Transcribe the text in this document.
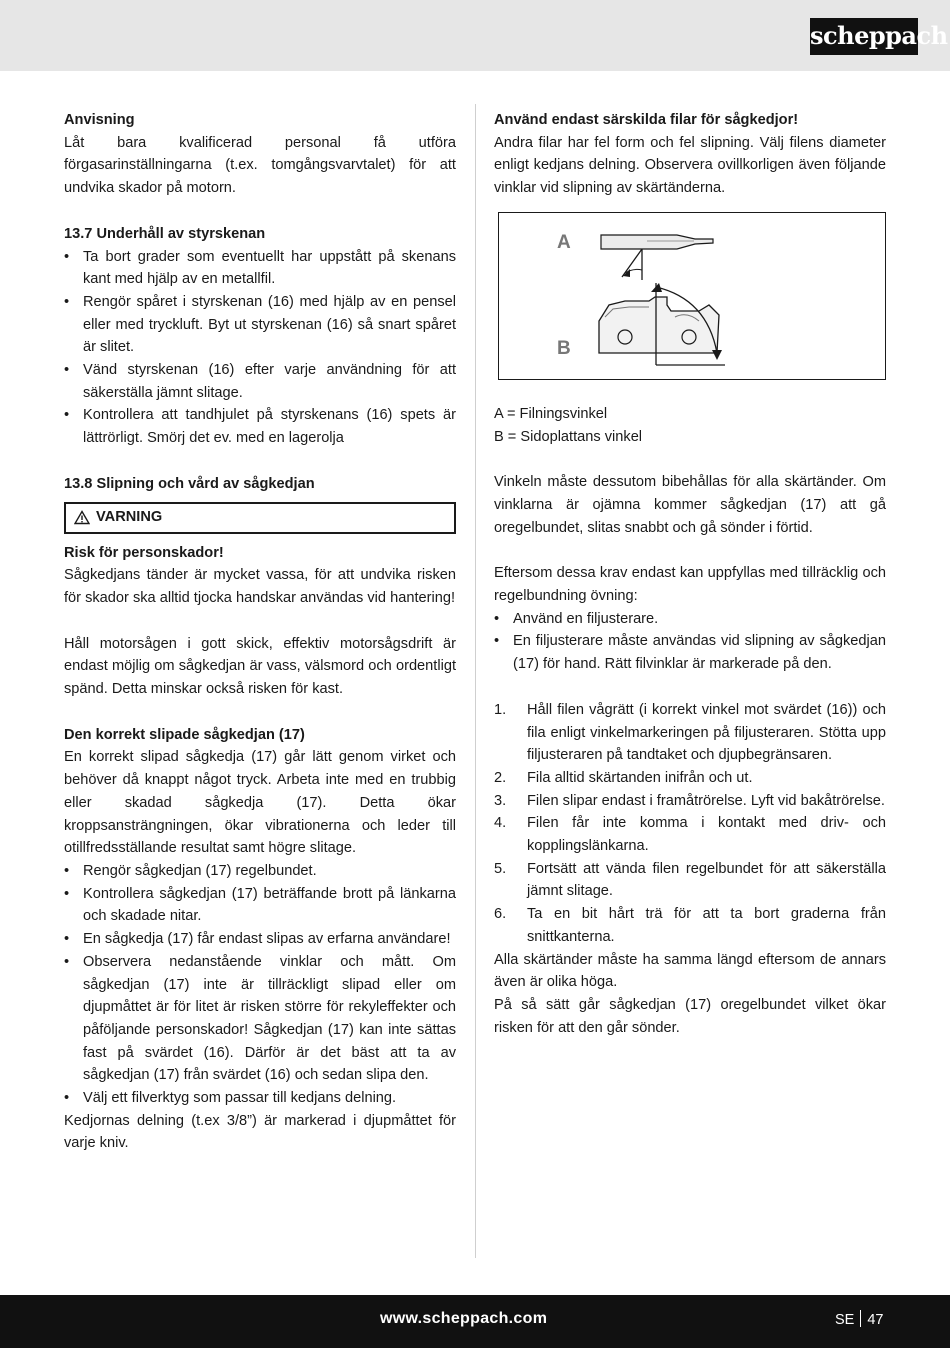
scheppach

Anvisning

Låt bara kvalificerad personal få utföra förgasarinställningarna (t.ex. tomgångsvarvtalet) för att undvika skador på motorn.

13.7 Underhåll av styrskenan

• Ta bort grader som eventuellt har uppstått på skenans kant med hjälp av en metallfil.
• Rengör spåret i styrskenan (16) med hjälp av en pensel eller med tryckluft. Byt ut styrskenan (16) så snart spåret är slitet.
• Vänd styrskenan (16) efter varje användning för att säkerställa jämnt slitage.
• Kontrollera att tandhjulet på styrskenans (16) spets är lättrörligt. Smörj det ev. med en lagerolja

13.8 Slipning och vård av sågkedjan

VARNING

Risk för personskador!

Sågkedjans tänder är mycket vassa, för att undvika risken för skador ska alltid tjocka handskar användas vid hantering!

Håll motorsågen i gott skick, effektiv motorsågsdrift är endast möjlig om sågkedjan är vass, välsmord och ordentligt spänd. Detta minskar också risken för kast.

Den korrekt slipade sågkedjan (17)

En korrekt slipad sågkedja (17) går lätt genom virket och behöver då knappt något tryck. Arbeta inte med en trubbig eller skadad sågkedja (17). Detta ökar kroppsansträngningen, ökar vibrationerna och leder till otillfredsställande resultat samt högre slitage.

• Rengör sågkedjan (17) regelbundet.
• Kontrollera sågkedjan (17) beträffande brott på länkarna och skadade nitar.
• En sågkedja (17) får endast slipas av erfarna användare!
• Observera nedanstående vinklar och mått. Om sågkedjan (17) inte är tillräckligt slipad eller om djupmåttet är för litet är risken större för rekyleffekter och påföljande personskador! Sågkedjan (17) kan inte sättas fast på svärdet (16). Därför är det bäst att ta av sågkedjan (17) från svärdet (16) och sedan slipa den.
• Välj ett filverktyg som passar till kedjans delning.

Kedjornas delning (t.ex 3/8”) är markerad i djupmåttet för varje kniv.

Använd endast särskilda filar för sågkedjor!

Andra filar har fel form och fel slipning. Välj filens diameter enligt kedjans delning. Observera ovillkorligen även följande vinklar vid slipning av skärtänderna.

A
B

A = Filningsvinkel

B = Sidoplattans vinkel

Vinkeln måste dessutom bibehållas för alla skärtänder. Om vinklarna är ojämna kommer sågkedjan (17) att gå oregelbundet, slitas snabbt och gå sönder i förtid.

Eftersom dessa krav endast kan uppfyllas med tillräcklig och regelbundning övning:

• Använd en filjusterare.
• En filjusterare måste användas vid slipning av sågkedjan (17) för hand. Rätt filvinklar är markerade på den.
1. Håll filen vågrätt (i korrekt vinkel mot svärdet (16)) och fila enligt vinkelmarkeringen på filjusteraren. Stötta upp filjusteraren på tandtaket och djupbegränsaren.
2. Fila alltid skärtanden inifrån och ut.
3. Filen slipar endast i framåtrörelse. Lyft vid bakåtrörelse.
4. Filen får inte komma i kontakt med driv- och kopplingslänkarna.
5. Fortsätt att vända filen regelbundet för att säkerställa jämnt slitage.
6. Ta en bit hårt trä för att ta bort graderna från snittkanterna.

Alla skärtänder måste ha samma längd eftersom de annars även är olika höga.

På så sätt går sågkedjan (17) oregelbundet vilket ökar risken för att den går sönder.

www.scheppach.com	SE 47
